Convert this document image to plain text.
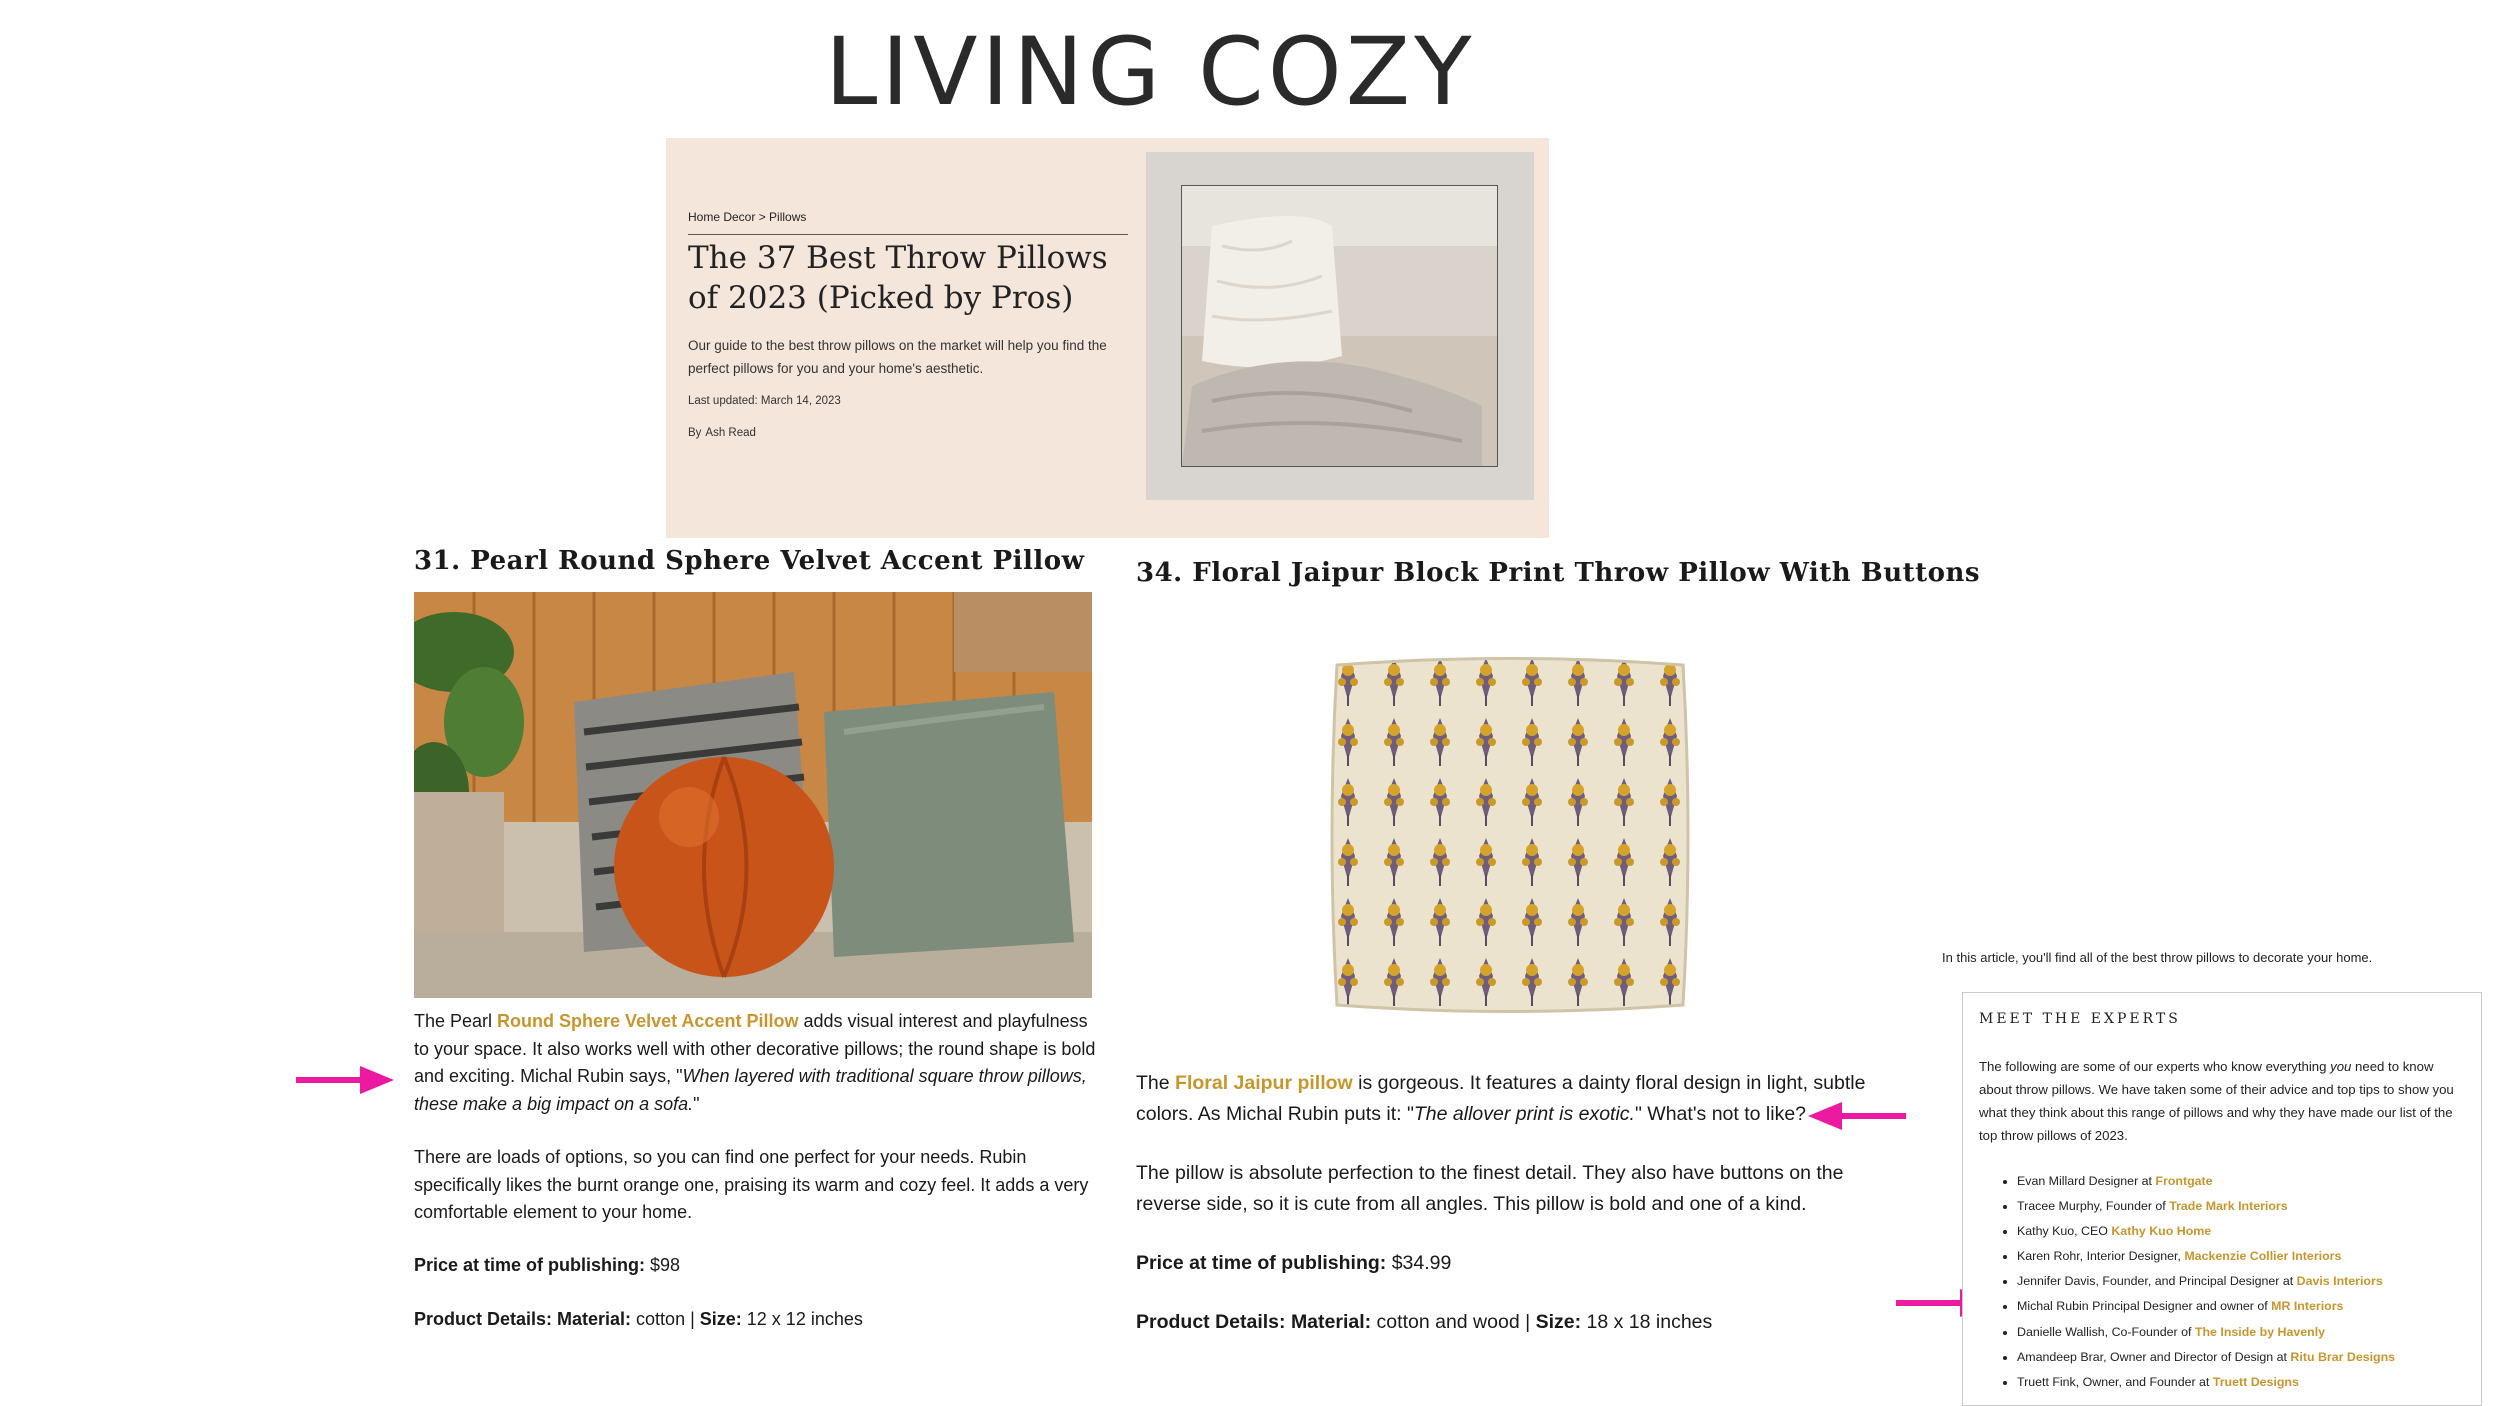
LIVING COZY
Home Decor > Pillows
The 37 Best Throw Pillows of 2023 (Picked by Pros)
Our guide to the best throw pillows on the market will help you find the perfect pillows for you and your home's aesthetic.
Last updated: March 14, 2023
By Ash Read
31. Pearl Round Sphere Velvet Accent Pillow
The Pearl Round Sphere Velvet Accent Pillow adds visual interest and playfulness to your space. It also works well with other decorative pillows; the round shape is bold and exciting. Michal Rubin says, "When layered with traditional square throw pillows, these make a big impact on a sofa."
There are loads of options, so you can find one perfect for your needs. Rubin specifically likes the burnt orange one, praising its warm and cozy feel. It adds a very comfortable element to your home.
Price at time of publishing: $98
Product Details: Material: cotton | Size: 12 x 12 inches
34. Floral Jaipur Block Print Throw Pillow With Buttons
The Floral Jaipur pillow is gorgeous. It features a dainty floral design in light, subtle colors. As Michal Rubin puts it: "The allover print is exotic." What's not to like?
The pillow is absolute perfection to the finest detail. They also have buttons on the reverse side, so it is cute from all angles. This pillow is bold and one of a kind.
Price at time of publishing: $34.99
Product Details: Material: cotton and wood | Size: 18 x 18 inches
In this article, you'll find all of the best throw pillows to decorate your home.
MEET THE EXPERTS
The following are some of our experts who know everything you need to know about throw pillows. We have taken some of their advice and top tips to show you what they think about this range of pillows and why they have made our list of the top throw pillows of 2023.
• Evan Millard Designer at Frontgate
• Tracee Murphy, Founder of Trade Mark Interiors
• Kathy Kuo, CEO Kathy Kuo Home
• Karen Rohr, Interior Designer, Mackenzie Collier Interiors
• Jennifer Davis, Founder, and Principal Designer at Davis Interiors
• Michal Rubin Principal Designer and owner of MR Interiors
• Danielle Wallish, Co-Founder of The Inside by Havenly
• Amandeep Brar, Owner and Director of Design at Ritu Brar Designs
• Truett Fink, Owner, and Founder at Truett Designs
